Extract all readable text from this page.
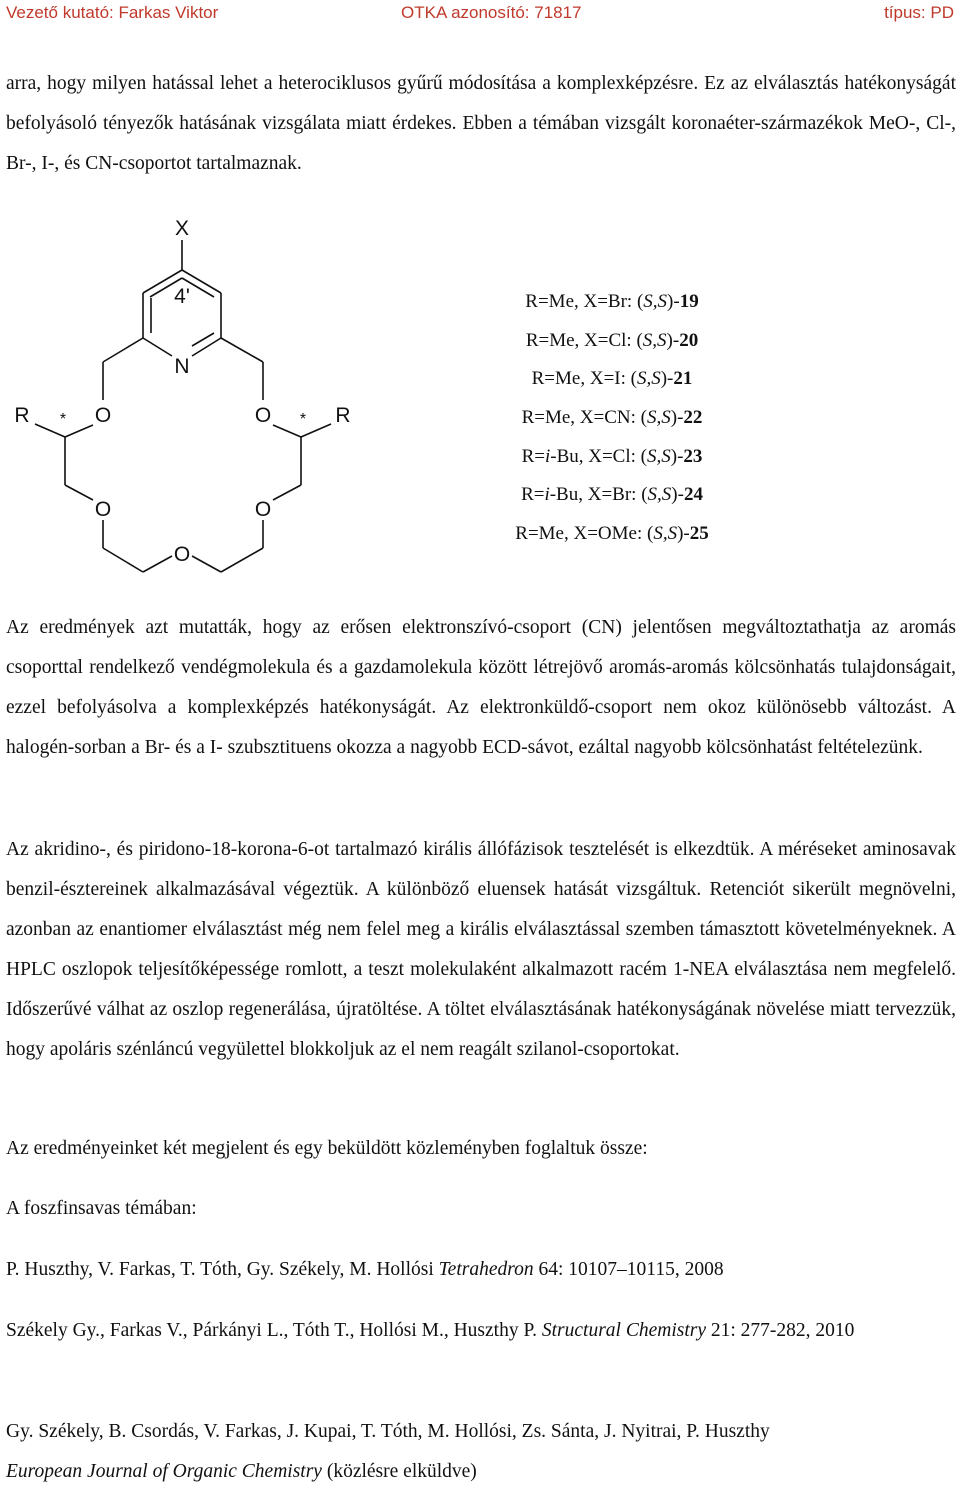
Vezető kutató: Farkas Viktor	OTKA azonosító: 71817	típus: PD
arra, hogy milyen hatással lehet a heterociklusos gyűrű módosítása a komplexképzésre. Ez az elválasztás hatékonyságát befolyásoló tényezők hatásának vizsgálata miatt érdekes. Ebben a témában vizsgált koronaéter-származékok MeO-, Cl-, Br-, I-, és CN-csoportot tartalmaznak.
X
4'
N
R	O	O	R
O	O
O
*	*
R=Me, X=Br: (S,S)-19
R=Me, X=Cl: (S,S)-20
R=Me, X=I: (S,S)-21
R=Me, X=CN: (S,S)-22
R=i-Bu, X=Cl: (S,S)-23
R=i-Bu, X=Br: (S,S)-24
R=Me, X=OMe: (S,S)-25
Az eredmények azt mutatták, hogy az erősen elektronszívó-csoport (CN) jelentősen megváltoztathatja az aromás csoporttal rendelkező vendégmolekula és a gazdamolekula között létrejövő aromás-aromás kölcsönhatás tulajdonságait, ezzel befolyásolva a komplexképzés hatékonyságát. Az elektronküldő-csoport nem okoz különösebb változást. A halogén-sorban a Br- és a I- szubsztituens okozza a nagyobb ECD-sávot, ezáltal nagyobb kölcsönhatást feltételezünk.
Az akridino-, és piridono-18-korona-6-ot tartalmazó királis állófázisok tesztelését is elkezdtük. A méréseket aminosavak benzil-észtereinek alkalmazásával végeztük. A különböző eluensek hatását vizsgáltuk. Retenciót sikerült megnövelni, azonban az enantiomer elválasztást még nem felel meg a királis elválasztással szemben támasztott követelményeknek. A HPLC oszlopok teljesítőképessége romlott, a teszt molekulaként alkalmazott racém 1-NEA elválasztása nem megfelelő. Időszerűvé válhat az oszlop regenerálása, újratöltése. A töltet elválasztásának hatékonyságának növelése miatt tervezzük, hogy apoláris szénláncú vegyülettel blokkoljuk az el nem reagált szilanol-csoportokat.
Az eredményeinket két megjelent és egy beküldött közleményben foglaltuk össze:
A foszfinsavas témában:
P. Huszthy, V. Farkas, T. Tóth, Gy. Székely, M. Hollósi Tetrahedron 64: 10107–10115, 2008
Székely Gy., Farkas V., Párkányi L., Tóth T., Hollósi M., Huszthy P. Structural Chemistry 21: 277-282, 2010
Gy. Székely, B. Csordás, V. Farkas, J. Kupai, T. Tóth, M. Hollósi, Zs. Sánta, J. Nyitrai, P. Huszthy
European Journal of Organic Chemistry (közlésre elküldve)
